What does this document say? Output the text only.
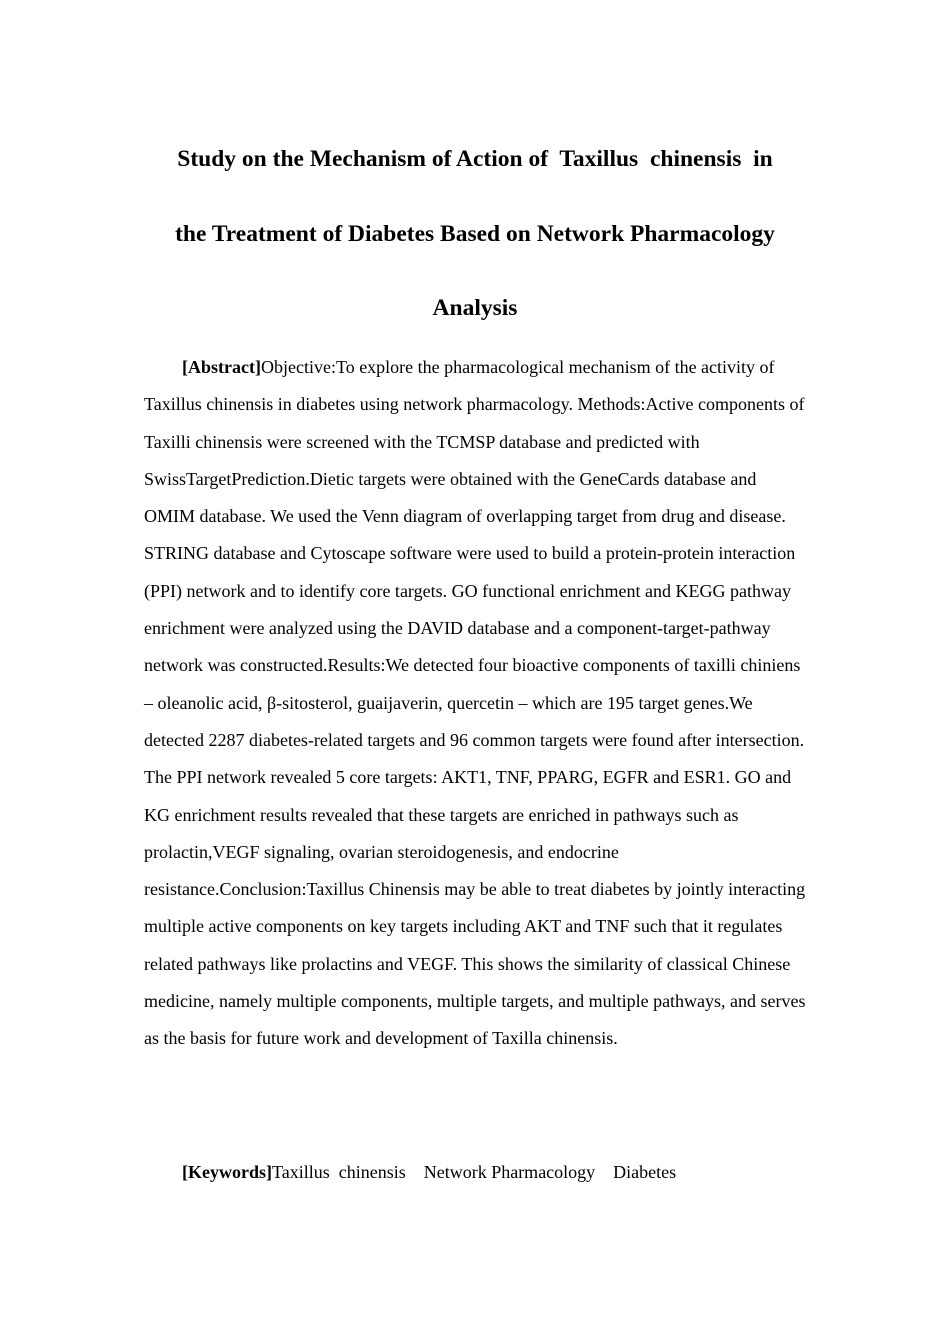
Study on the Mechanism of Action of  Taxillus  chinensis  in
the Treatment of Diabetes Based on Network Pharmacology
Analysis

[Abstract]Objective:To explore the pharmacological mechanism of the activity of Taxillus chinensis in diabetes using network pharmacology. Methods:Active components of Taxilli chinensis were screened with the TCMSP database and predicted with SwissTargetPrediction.Dietic targets were obtained with the GeneCards database and OMIM database. We used the Venn diagram of overlapping target from drug and disease. STRING database and Cytoscape software were used to build a protein-protein interaction (PPI) network and to identify core targets. GO functional enrichment and KEGG pathway enrichment were analyzed using the DAVID database and a component-target-pathway network was constructed.Results:We detected four bioactive components of taxilli chiniens – oleanolic acid, β-sitosterol, guaijaverin, quercetin – which are 195 target genes.We detected 2287 diabetes-related targets and 96 common targets were found after intersection. The PPI network revealed 5 core targets: AKT1, TNF, PPARG, EGFR and ESR1. GO and KG enrichment results revealed that these targets are enriched in pathways such as prolactin,VEGF signaling, ovarian steroidogenesis, and endocrine resistance.Conclusion:Taxillus Chinensis may be able to treat diabetes by jointly interacting multiple active components on key targets including AKT and TNF such that it regulates related pathways like prolactins and VEGF. This shows the similarity of classical Chinese medicine, namely multiple components, multiple targets, and multiple pathways, and serves as the basis for future work and development of Taxilla chinensis.

[Keywords]Taxillus  chinensis    Network Pharmacology    Diabetes
